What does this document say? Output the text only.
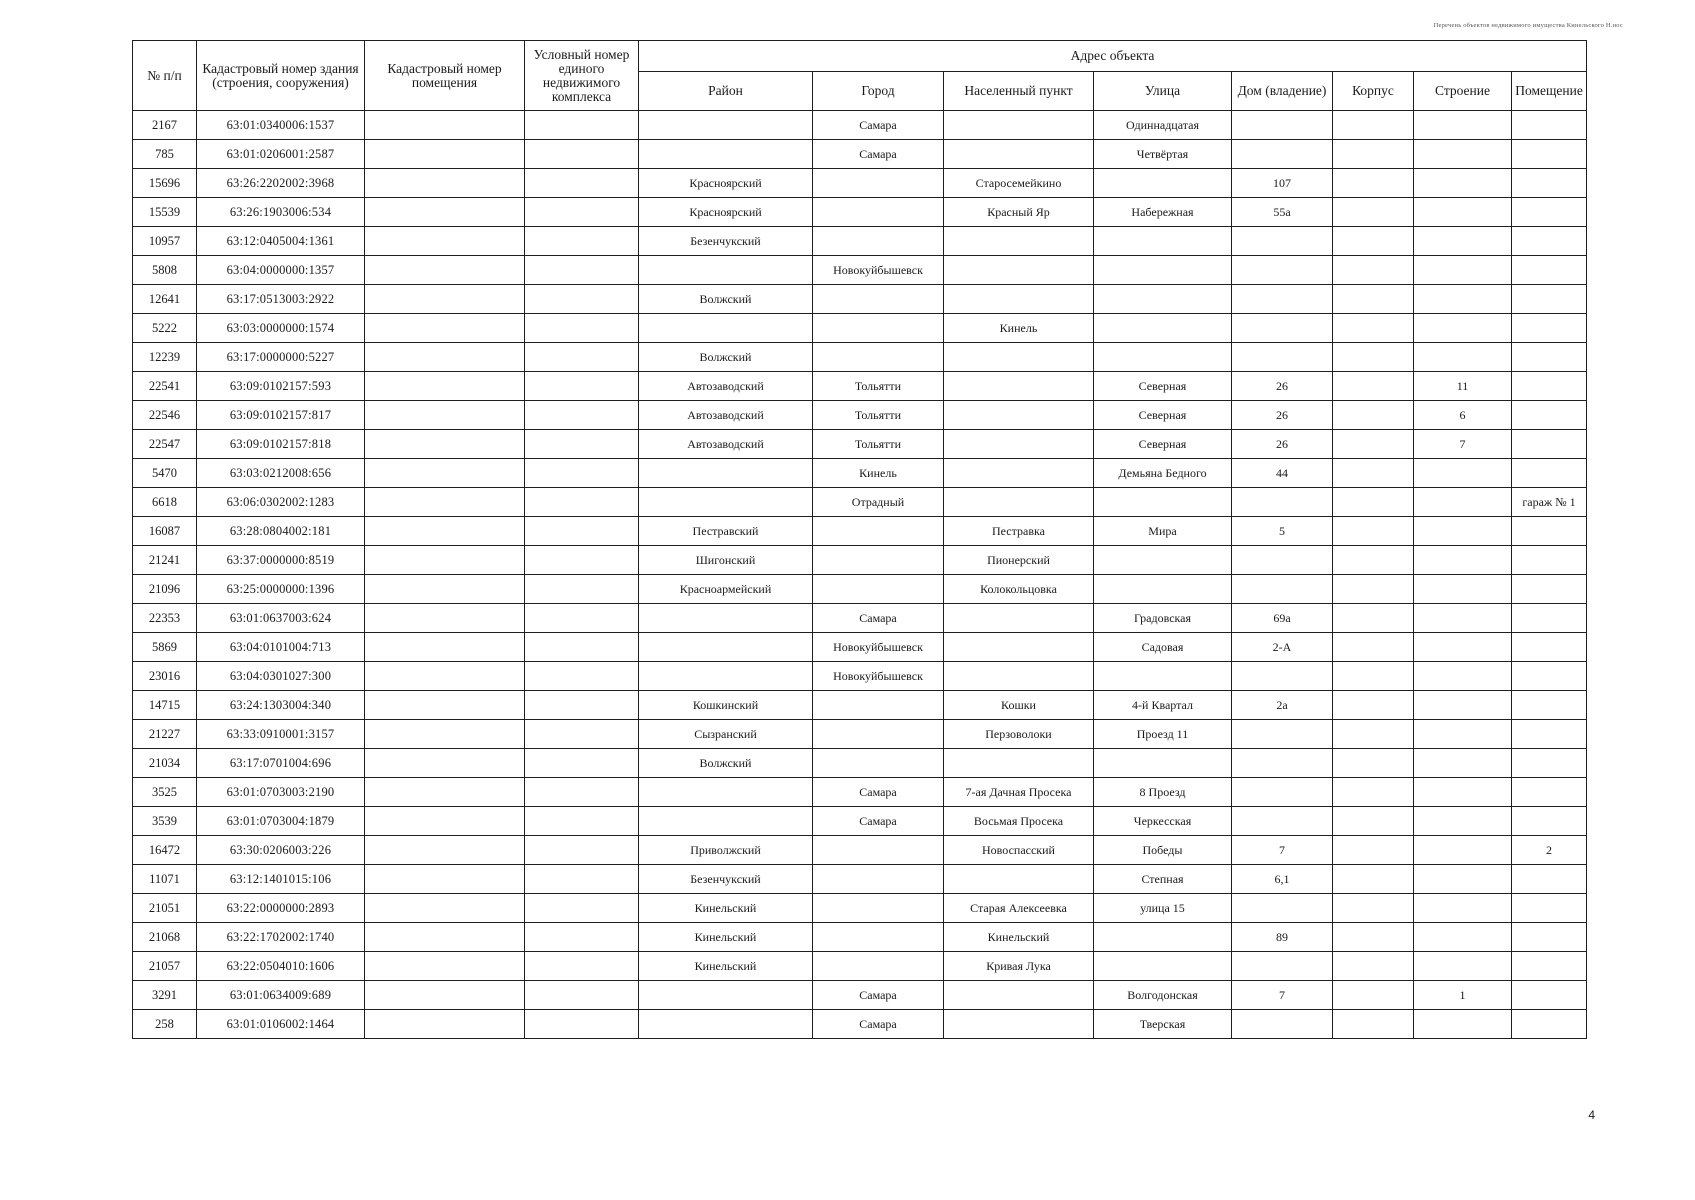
Перечень объектов недвижимого имущества Кинельского Н.нос
№ п/п	Кадастровый номер здания (строения, сооружения)	Кадастровый номер помещения	Условный номер единого недвижимого комплекса	Адрес объекта							
				Район	Город	Населенный пункт	Улица	Дом (владение)	Корпус	Строение	Помещение
2167	63:01:0340006:1537				Самара		Одиннадцатая				
785	63:01:0206001:2587				Самара		Четвёртая				
15696	63:26:2202002:3968			Красноярский		Старосемейкино		107			
15539	63:26:1903006:534			Красноярский		Красный Яр	Набережная	55а			
10957	63:12:0405004:1361			Безенчукский							
5808	63:04:0000000:1357				Новокуйбышевск						
12641	63:17:0513003:2922			Волжский							
5222	63:03:0000000:1574					Кинель					
12239	63:17:0000000:5227			Волжский							
22541	63:09:0102157:593			Автозаводский	Тольятти		Северная	26		11	
22546	63:09:0102157:817			Автозаводский	Тольятти		Северная	26		6	
22547	63:09:0102157:818			Автозаводский	Тольятти		Северная	26		7	
5470	63:03:0212008:656				Кинель		Демьяна Бедного	44			
6618	63:06:0302002:1283				Отрадный						гараж № 1
16087	63:28:0804002:181			Пестравский		Пестравка	Мира	5			
21241	63:37:0000000:8519			Шигонский		Пионерский					
21096	63:25:0000000:1396			Красноармейский		Колокольцовка					
22353	63:01:0637003:624				Самара		Градовская	69а			
5869	63:04:0101004:713				Новокуйбышевск		Садовая	2-А			
23016	63:04:0301027:300				Новокуйбышевск						
14715	63:24:1303004:340			Кошкинский		Кошки	4-й Квартал	2а			
21227	63:33:0910001:3157			Сызранский		Перзоволоки	Проезд 11				
21034	63:17:0701004:696			Волжский							
3525	63:01:0703003:2190				Самара	7-ая Дачная Просека	8 Проезд				
3539	63:01:0703004:1879				Самара	Восьмая Просека	Черкесская				
16472	63:30:0206003:226			Приволжский		Новоспасский	Победы	7			2
11071	63:12:1401015:106			Безенчукский			Степная	6,1			
21051	63:22:0000000:2893			Кинельский		Старая Алексеевка	улица 15				
21068	63:22:1702002:1740			Кинельский		Кинельский		89			
21057	63:22:0504010:1606			Кинельский		Кривая Лука					
3291	63:01:0634009:689				Самара		Волгодонская	7		1	
258	63:01:0106002:1464				Самара		Тверская				
4
